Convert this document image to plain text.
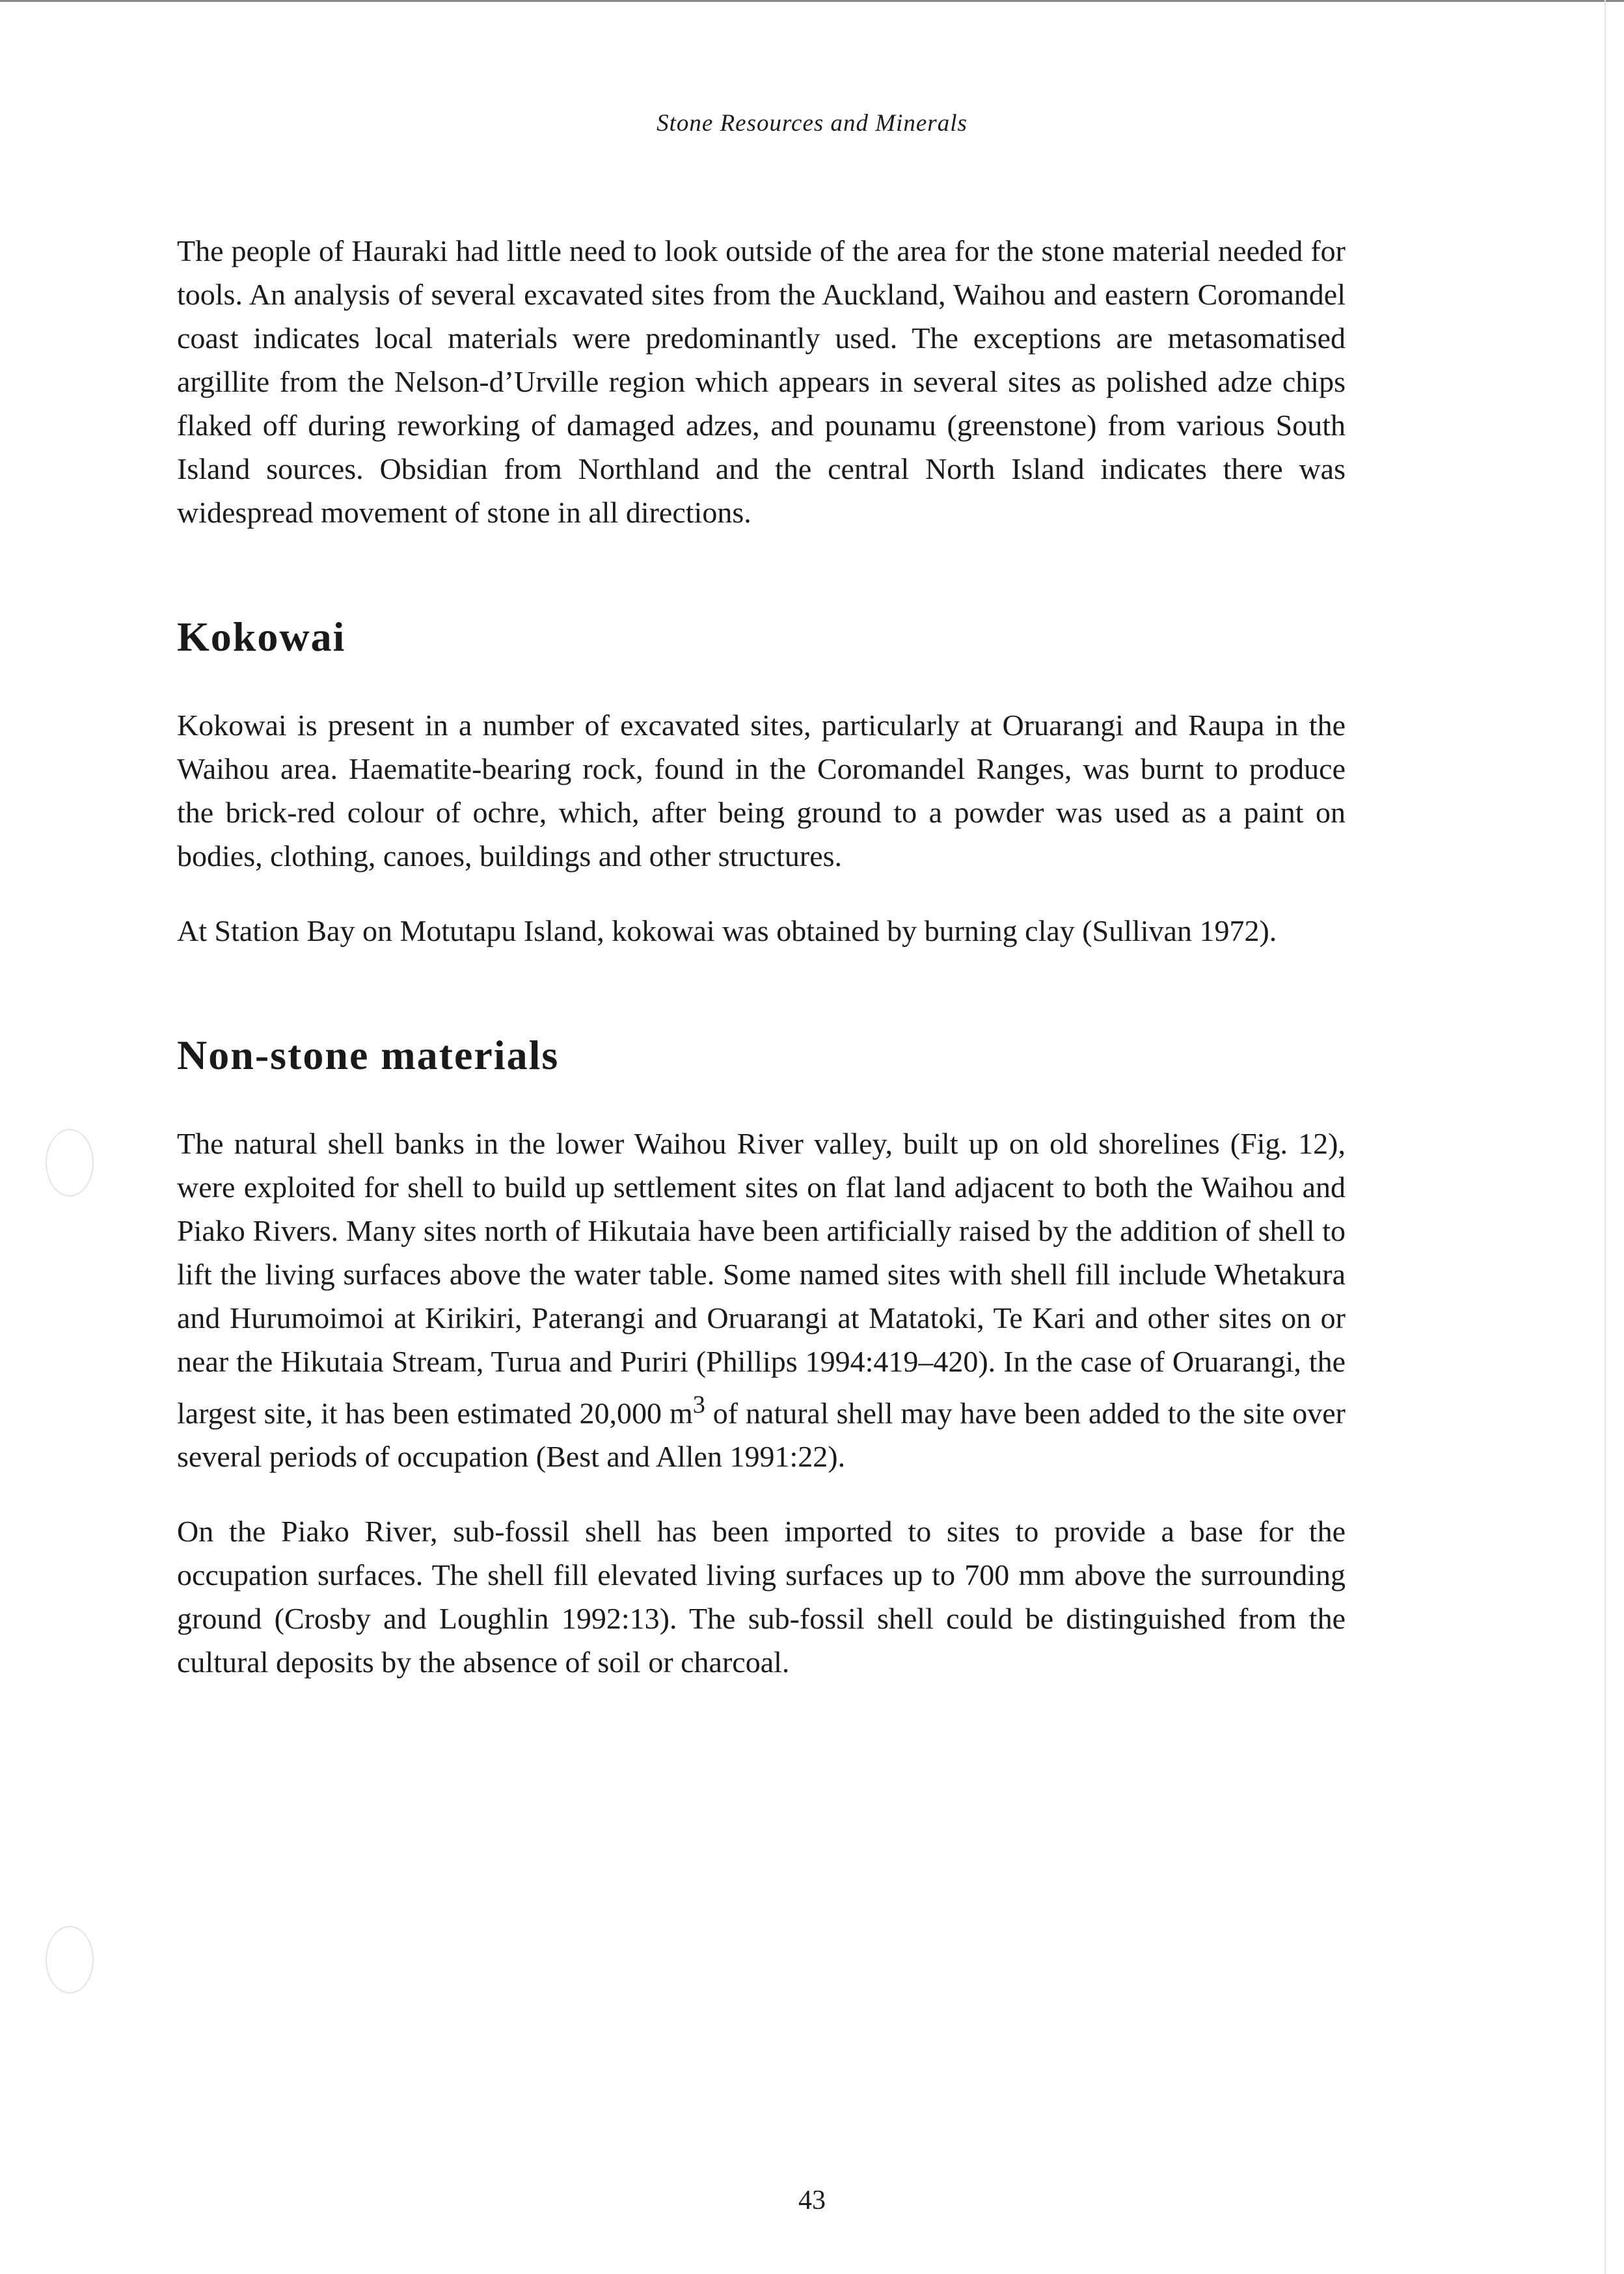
Stone Resources and Minerals

The people of Hauraki had little need to look outside of the area for the stone material needed for tools. An analysis of several excavated sites from the Auckland, Waihou and eastern Coromandel coast indicates local materials were predominantly used. The exceptions are metasomatised argillite from the Nelson-d’Urville region which appears in several sites as polished adze chips flaked off during reworking of damaged adzes, and pounamu (greenstone) from various South Island sources. Obsidian from Northland and the central North Island indicates there was widespread movement of stone in all directions.

Kokowai

Kokowai is present in a number of excavated sites, particularly at Oruarangi and Raupa in the Waihou area. Haematite-bearing rock, found in the Coromandel Ranges, was burnt to produce the brick-red colour of ochre, which, after being ground to a powder was used as a paint on bodies, clothing, canoes, buildings and other structures.

At Station Bay on Motutapu Island, kokowai was obtained by burning clay (Sullivan 1972).

Non-stone materials

The natural shell banks in the lower Waihou River valley, built up on old shorelines (Fig. 12), were exploited for shell to build up settlement sites on flat land adjacent to both the Waihou and Piako Rivers. Many sites north of Hikutaia have been artificially raised by the addition of shell to lift the living surfaces above the water table. Some named sites with shell fill include Whetakura and Hurumoimoi at Kirikiri, Paterangi and Oruarangi at Matatoki, Te Kari and other sites on or near the Hikutaia Stream, Turua and Puriri (Phillips 1994:419–420). In the case of Oruarangi, the largest site, it has been estimated 20,000 $m^3$ of natural shell may have been added to the site over several periods of occupation (Best and Allen 1991:22).

On the Piako River, sub-fossil shell has been imported to sites to provide a base for the occupation surfaces. The shell fill elevated living surfaces up to 700 mm above the surrounding ground (Crosby and Loughlin 1992:13). The sub-fossil shell could be distinguished from the cultural deposits by the absence of soil or charcoal.

43
